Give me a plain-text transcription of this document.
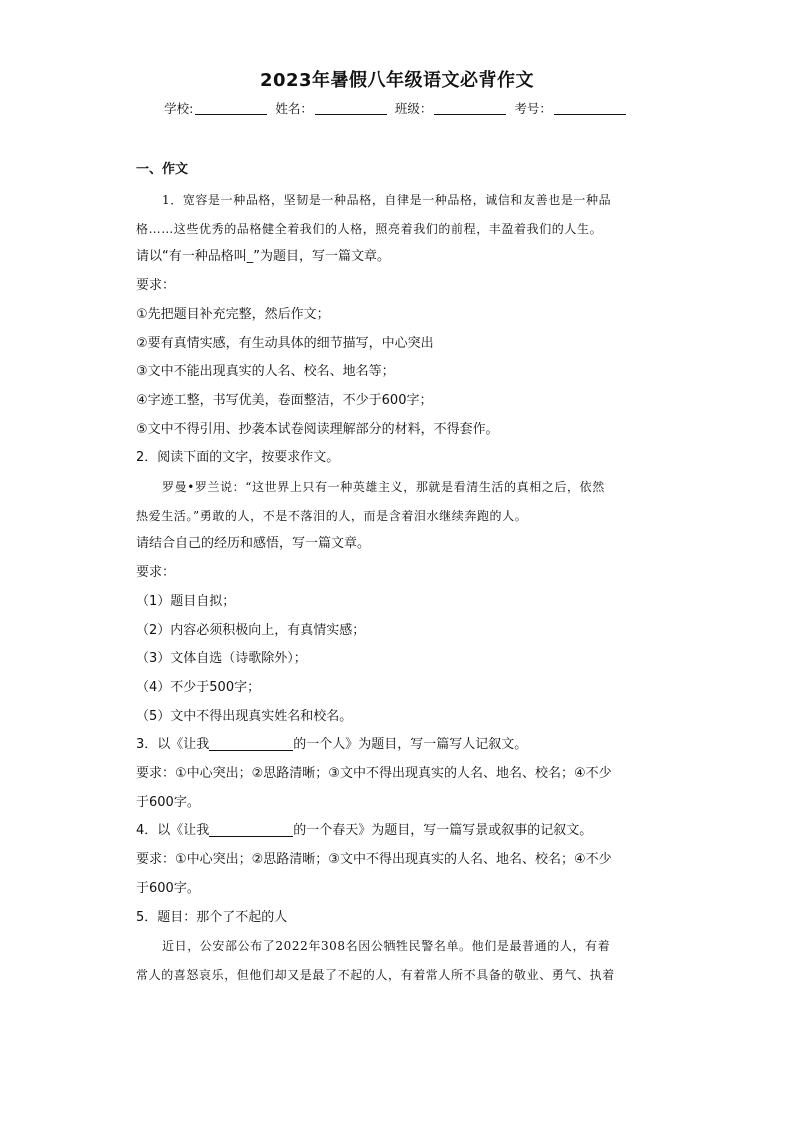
2023年暑假八年级语文必背作文
学校:	姓名：	班级：	考号：
一、作文

1．宽容是一种品格，坚韧是一种品格，自律是一种品格，诚信和友善也是一种品

格……这些优秀的品格健全着我们的人格，照亮着我们的前程，丰盈着我们的人生。

请以“有一种品格叫_”为题目，写一篇文章。

要求：

①先把题目补充完整，然后作文；

②要有真情实感，有生动具体的细节描写，中心突出

③文中不能出现真实的人名、校名、地名等；

④字迹工整，书写优美，卷面整洁，不少于600字；

⑤文中不得引用、抄袭本试卷阅读理解部分的材料，不得套作。

2．阅读下面的文字，按要求作文。

罗曼•罗兰说：“这世界上只有一种英雄主义，那就是看清生活的真相之后，依然

热爱生活。”勇敢的人，不是不落泪的人，而是含着泪水继续奔跑的人。

请结合自己的经历和感悟，写一篇文章。

要求：

（1）题目自拟；

（2）内容必须积极向上，有真情实感；

（3）文体自选（诗歌除外）；

（4）不少于500字；

（5）文中不得出现真实姓名和校名。

3．以《让我	的一个人》为题目，写一篇写人记叙文。

要求：①中心突出；②思路清晰；③文中不得出现真实的人名、地名、校名；④不少

于600字。

4．以《让我	的一个春天》为题目，写一篇写景或叙事的记叙文。

要求：①中心突出；②思路清晰；③文中不得出现真实的人名、地名、校名；④不少

于600字。

5．题目：那个了不起的人

近日，公安部公布了2022年308名因公牺牲民警名单。他们是最普通的人，有着

常人的喜怒哀乐，但他们却又是最了不起的人，有着常人所不具备的敬业、勇气、执着
